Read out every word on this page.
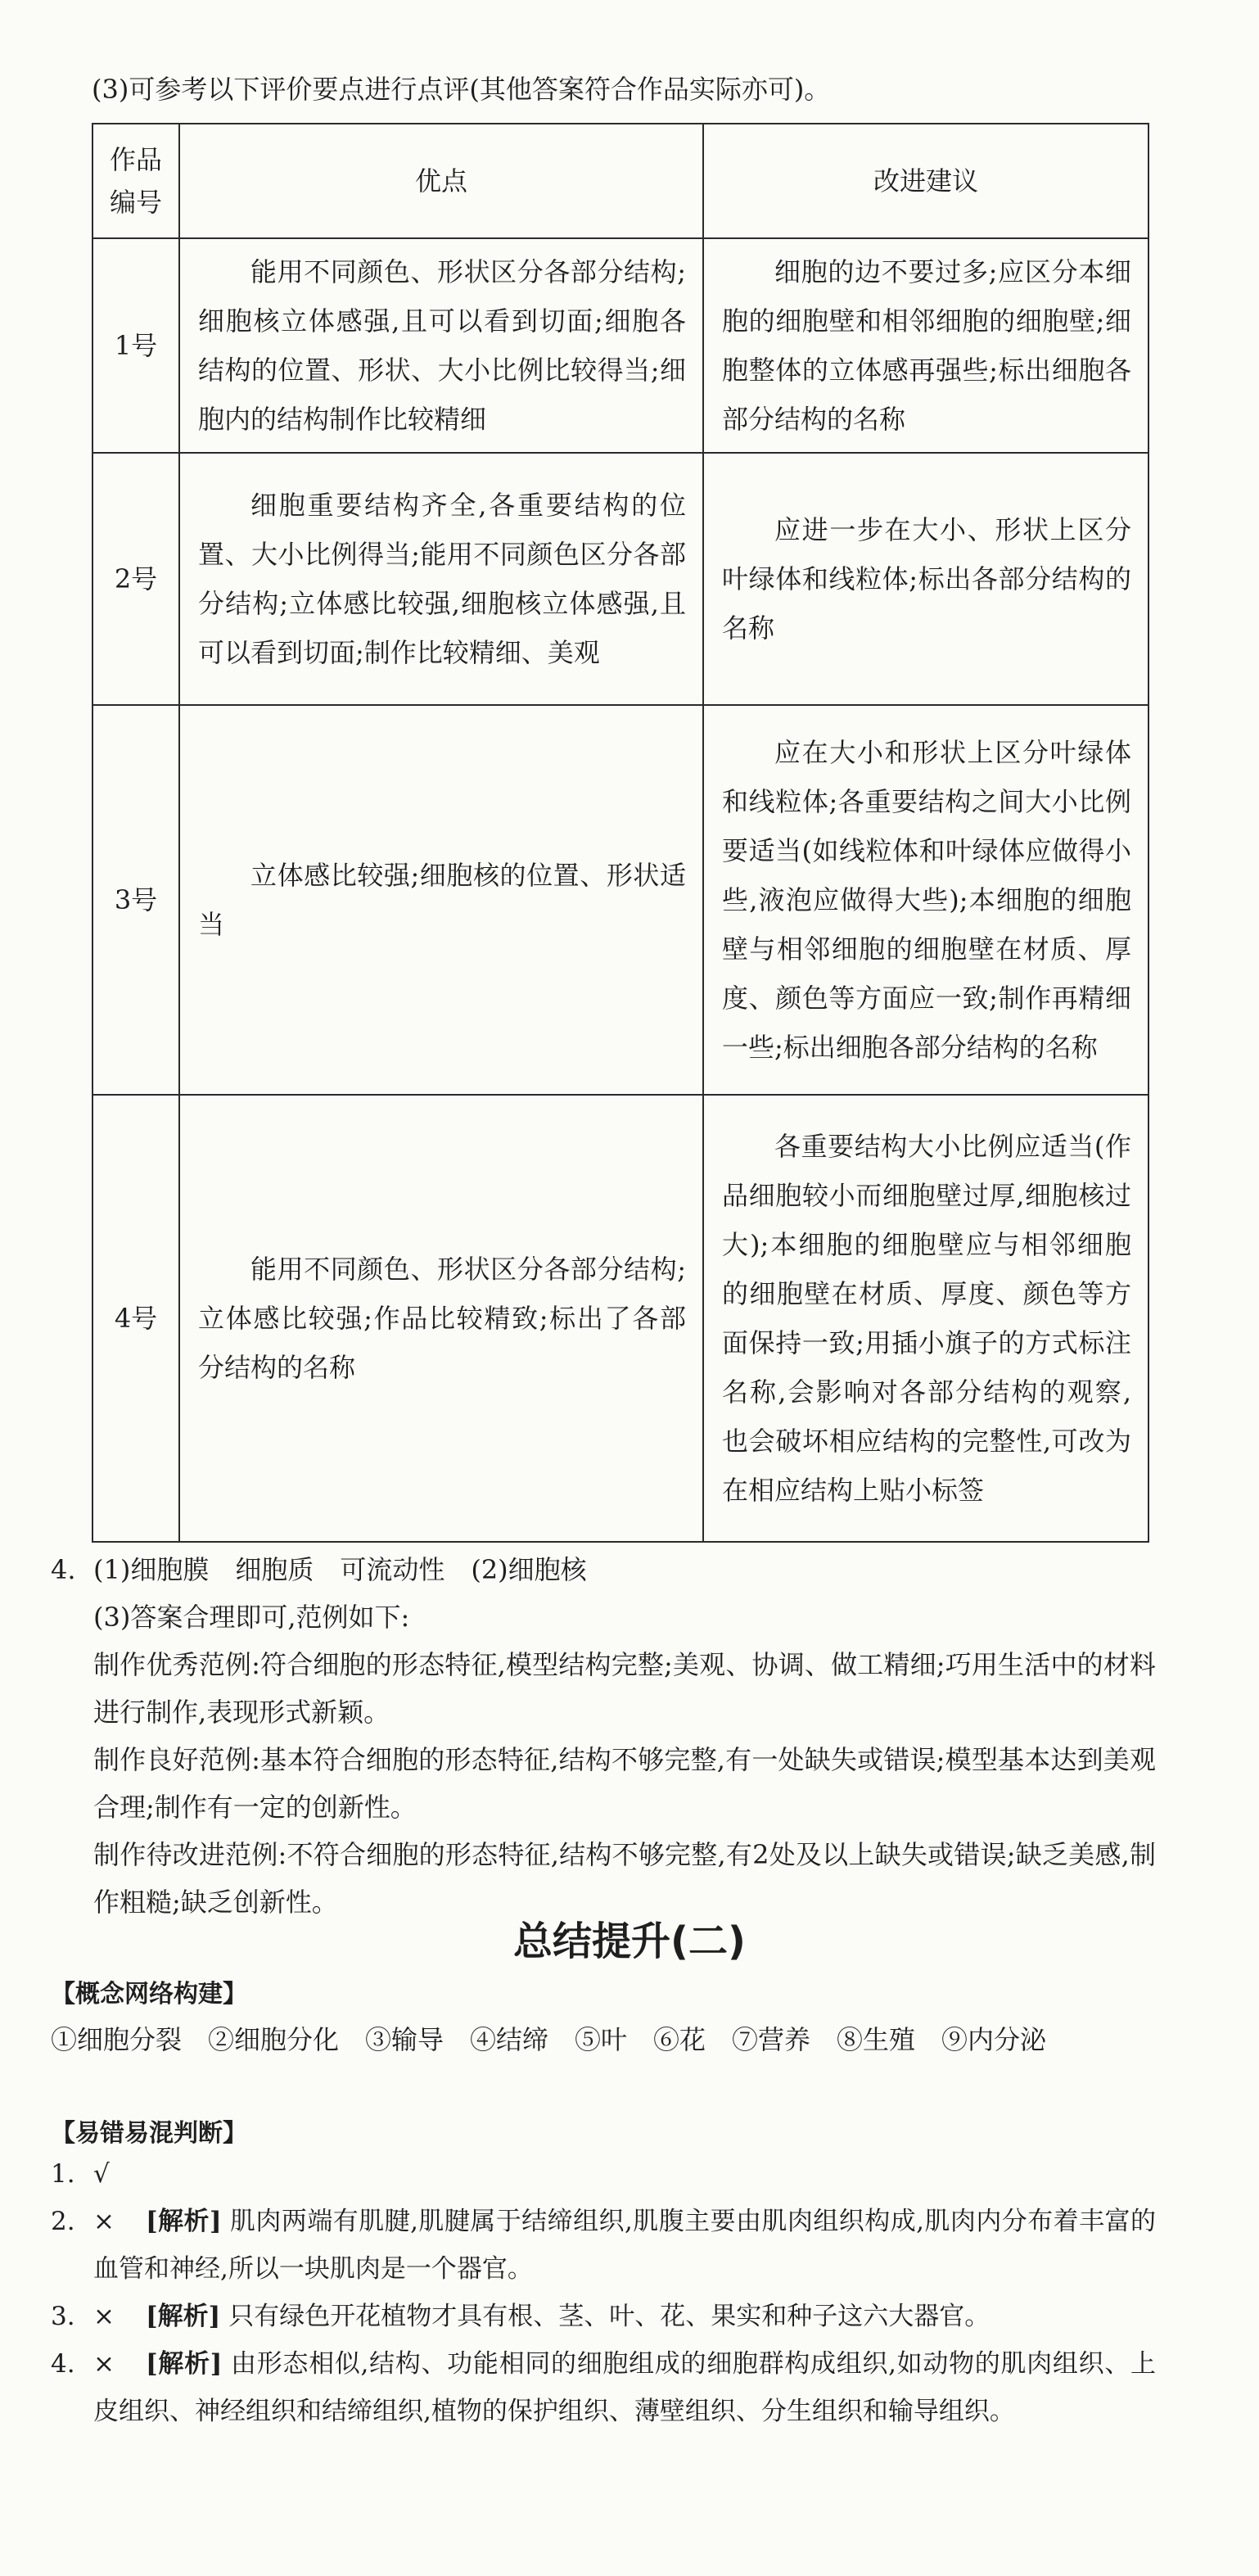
(3)可参考以下评价要点进行点评(其他答案符合作品实际亦可)。
作品
编号	优点	改进建议
1号	能用不同颜色、形状区分各部分结构;细胞核立体感强,且可以看到切面;细胞各结构的位置、形状、大小比例比较得当;细胞内的结构制作比较精细	细胞的边不要过多;应区分本细胞的细胞壁和相邻细胞的细胞壁;细胞整体的立体感再强些;标出细胞各部分结构的名称

2号	细胞重要结构齐全,各重要结构的位置、大小比例得当;能用不同颜色区分各部分结构;立体感比较强,细胞核立体感强,且可以看到切面;制作比较精细、美观	应进一步在大小、形状上区分叶绿体和线粒体;标出各部分结构的名称

3号	立体感比较强;细胞核的位置、形状适当	应在大小和形状上区分叶绿体和线粒体;各重要结构之间大小比例要适当(如线粒体和叶绿体应做得小些,液泡应做得大些);本细胞的细胞壁与相邻细胞的细胞壁在材质、厚度、颜色等方面应一致;制作再精细一些;标出细胞各部分结构的名称

4号	能用不同颜色、形状区分各部分结构;立体感比较强;作品比较精致;标出了各部分结构的名称	各重要结构大小比例应适当(作品细胞较小而细胞壁过厚,细胞核过大);本细胞的细胞壁应与相邻细胞的细胞壁在材质、厚度、颜色等方面保持一致;用插小旗子的方式标注名称,会影响对各部分结构的观察,也会破坏相应结构的完整性,可改为在相应结构上贴小标签
4. (1)细胞膜　细胞质　可流动性　(2)细胞核
(3)答案合理即可,范例如下:
制作优秀范例:符合细胞的形态特征,模型结构完整;美观、协调、做工精细;巧用生活中的材料进行制作,表现形式新颖。
制作良好范例:基本符合细胞的形态特征,结构不够完整,有一处缺失或错误;模型基本达到美观合理;制作有一定的创新性。
制作待改进范例:不符合细胞的形态特征,结构不够完整,有2处及以上缺失或错误;缺乏美感,制作粗糙;缺乏创新性。
总结提升(二)
【概念网络构建】
①细胞分裂　②细胞分化　③输导　④结缔　⑤叶　⑥花　⑦营养　⑧生殖　⑨内分泌
【易错易混判断】
1. √
2. × [解析] 肌肉两端有肌腱,肌腱属于结缔组织,肌腹主要由肌肉组织构成,肌肉内分布着丰富的血管和神经,所以一块肌肉是一个器官。
3. × [解析] 只有绿色开花植物才具有根、茎、叶、花、果实和种子这六大器官。
4. × [解析] 由形态相似,结构、功能相同的细胞组成的细胞群构成组织,如动物的肌肉组织、上皮组织、神经组织和结缔组织,植物的保护组织、薄壁组织、分生组织和输导组织。
